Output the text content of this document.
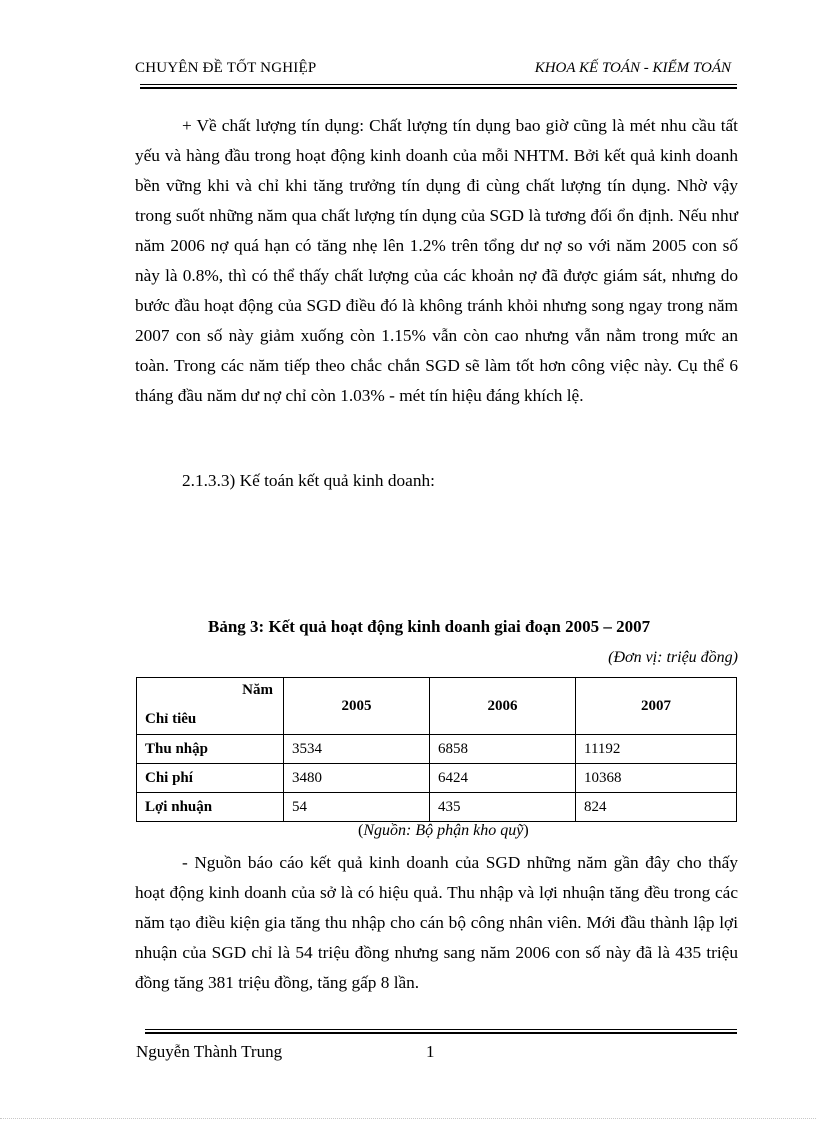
CHUYÊN ĐỀ TỐT NGHIỆP	KHOA KẾ TOÁN - KIỂM TOÁN

+ Về chất lượng tín dụng: Chất lượng tín dụng bao giờ cũng là mét nhu cầu tất yếu và hàng đầu trong hoạt động kinh doanh của mỗi NHTM. Bởi kết quả kinh doanh bền vững khi và chỉ khi tăng trưởng tín dụng đi cùng chất lượng tín dụng. Nhờ vậy trong suốt những năm qua chất lượng tín dụng của SGD là tương đối ổn định. Nếu như năm 2006 nợ quá hạn có tăng nhẹ lên 1.2% trên tổng dư nợ so với năm 2005 con số này là 0.8%, thì có thể thấy chất lượng của các khoản nợ đã được giám sát, nhưng do bước đầu hoạt động của SGD điều đó là không tránh khỏi nhưng song ngay trong năm 2007 con số này giảm xuống còn 1.15% vẫn còn cao nhưng vẫn nằm trong mức an toàn. Trong các năm tiếp theo chắc chắn SGD sẽ làm tốt hơn công việc này. Cụ thể 6 tháng đầu năm dư nợ chỉ còn 1.03% - mét tín hiệu đáng khích lệ.

2.1.3.3) Kế toán kết quả kinh doanh:

Bảng 3: Kết quả hoạt động kinh doanh giai đoạn 2005 – 2007
(Đơn vị: triệu đồng)
Năm
Chỉ tiêu	2005	2006	2007
Thu nhập	3534	6858	11192
Chi phí	3480	6424	10368
Lợi nhuận	54	435	824
(Nguồn: Bộ phận kho quỹ)

- Nguồn báo cáo kết quả kinh doanh của SGD những năm gần đây cho thấy hoạt động kinh doanh của sở là có hiệu quả. Thu nhập và lợi nhuận tăng đều trong các năm tạo điều kiện gia tăng thu nhập cho cán bộ công nhân viên. Mới đầu thành lập lợi nhuận của SGD chỉ là 54 triệu đồng nhưng sang năm 2006 con số này đã là 435 triệu đồng tăng 381 triệu đồng, tăng gấp 8 lần.

Nguyễn Thành Trung	1
